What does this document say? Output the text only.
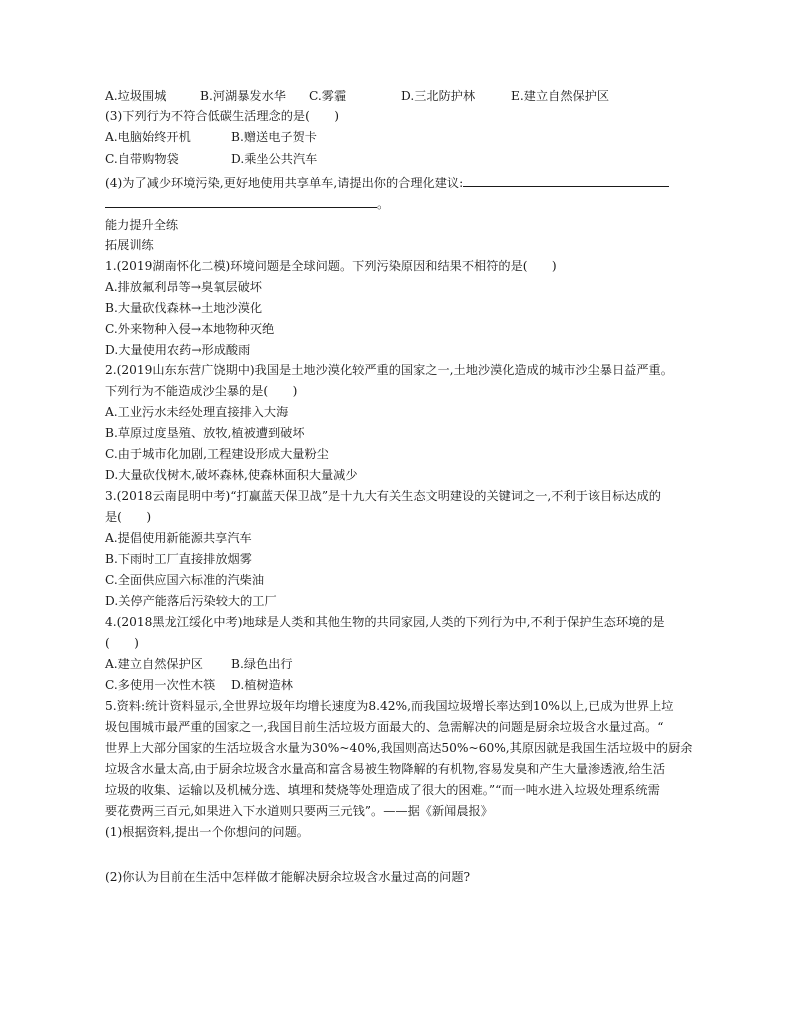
A.垃圾围城	B.河湖暴发水华 C.雾霾	D.三北防护林	E.建立自然保护区
(3)下列行为不符合低碳生活理念的是(　　)
A.电脑始终开机	B.赠送电子贺卡
C.自带购物袋	D.乘坐公共汽车
(4)为了减少环境污染,更好地使用共享单车,请提出你的合理化建议:
。
能力提升全练
拓展训练
1.(2019湖南怀化二模)环境问题是全球问题。下列污染原因和结果不相符的是(　　)
A.排放氟利昂等→臭氧层破坏
B.大量砍伐森林→土地沙漠化
C.外来物种入侵→本地物种灭绝
D.大量使用农药→形成酸雨
2.(2019山东东营广饶期中)我国是土地沙漠化较严重的国家之一,土地沙漠化造成的城市沙尘暴日益严重。
下列行为不能造成沙尘暴的是(　　)
A.工业污水未经处理直接排入大海
B.草原过度垦殖、放牧,植被遭到破坏
C.由于城市化加剧,工程建设形成大量粉尘
D.大量砍伐树木,破坏森林,使森林面积大量减少
3.(2018云南昆明中考)“打赢蓝天保卫战”是十九大有关生态文明建设的关键词之一,不利于该目标达成的
是(　　)
A.提倡使用新能源共享汽车
B.下雨时工厂直接排放烟雾
C.全面供应国六标准的汽柴油
D.关停产能落后污染较大的工厂
4.(2018黑龙江绥化中考)地球是人类和其他生物的共同家园,人类的下列行为中,不利于保护生态环境的是
(　　)
A.建立自然保护区 B.绿色出行
C.多使用一次性木筷 D.植树造林
5.资料:统计资料显示,全世界垃圾年均增长速度为8.42%,而我国垃圾增长率达到10%以上,已成为世界上垃
圾包围城市最严重的国家之一,我国目前生活垃圾方面最大的、急需解决的问题是厨余垃圾含水量过高。“
世界上大部分国家的生活垃圾含水量为30%~40%,我国则高达50%~60%,其原因就是我国生活垃圾中的厨余
垃圾含水量太高,由于厨余垃圾含水量高和富含易被生物降解的有机物,容易发臭和产生大量渗透液,给生活
垃圾的收集、运输以及机械分选、填埋和焚烧等处理造成了很大的困难。”“而一吨水进入垃圾处理系统需
要花费两三百元,如果进入下水道则只要两三元钱”。——据《新闻晨报》
(1)根据资料,提出一个你想问的问题。
(2)你认为目前在生活中怎样做才能解决厨余垃圾含水量过高的问题?
